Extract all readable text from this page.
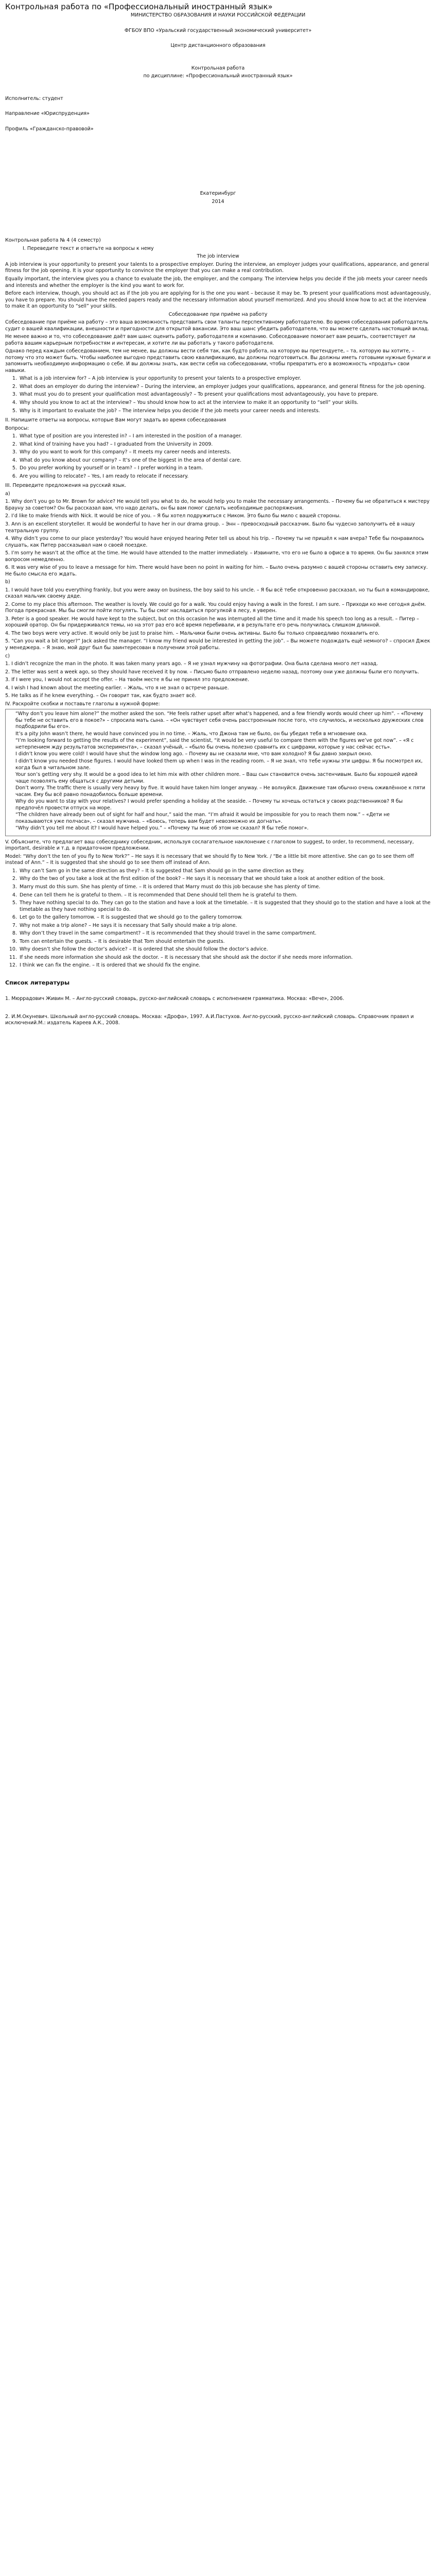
Контрольная работа по «Профессиональный иностранный язык»

МИНИСТЕРСТВО ОБРАЗОВАНИЯ И НАУКИ РОССИЙСКОЙ ФЕДЕРАЦИИ

ФГБОУ ВПО «Уральский государственный экономический университет»

Центр дистанционного образования

Контрольная работа

по дисциплине: «Профессиональный иностранный язык»

Исполнитель: студент

Направление «Юриспруденция»

Профиль «Гражданско-правовой»

Екатеринбург

2014

Контрольная работа № 4 (4 семестр)

I. Переведите текст и ответьте на вопросы к нему

The job interview

A job interview is your opportunity to present your talents to a prospective employer. During the interview, an employer judges your qualifications, appearance, and general fitness for the job opening. It is your opportunity to convince the employer that you can make a real contribution.

Equally important, the interview gives you a chance to evaluate the job, the employer, and the company. The interview helps you decide if the job meets your career needs and interests and whether the employer is the kind you want to work for.

Before each interview, though, you should act as if the job you are applying for is the one you want – because it may be. To present your qualifications most advantageously, you have to prepare. You should have the needed papers ready and the necessary information about yourself memorized. And you should know how to act at the interview to make it an opportunity to “sell” your skills.

Собеседование при приёме на работу

Собеседование при приёме на работу – это ваша возможность представить свои таланты перспективному работодателю. Во время собеседования работодатель судит о вашей квалификации, внешности и пригодности для открытой вакансии. Это ваш шанс убедить работодателя, что вы можете сделать настоящий вклад.

Не менее важно и то, что собеседование даёт вам шанс оценить работу, работодателя и компанию. Собеседование помогает вам решить, соответствует ли работа вашим карьерным потребностям и интересам, и хотите ли вы работать у такого работодателя.

Однако перед каждым собеседованием, тем не менее, вы должны вести себя так, как будто работа, на которую вы претендуете, – та, которую вы хотите, – потому что это может быть. Чтобы наиболее выгодно представить свою квалификацию, вы должны подготовиться. Вы должны иметь готовыми нужные бумаги и запомнить необходимую информацию о себе. И вы должны знать, как вести себя на собеседовании, чтобы превратить его в возможность «продать» свои навыки.

1. What is a job interview for? – A job interview is your opportunity to present your talents to a prospective employer.
2. What does an employer do during the interview? – During the interview, an employer judges your qualifications, appearance, and general fitness for the job opening.
3. What must you do to present your qualification most advantageously? – To present your qualifications most advantageously, you have to prepare.
4. Why should you know to act at the interview? – You should know how to act at the interview to make it an opportunity to “sell” your skills.
5. Why is it important to evaluate the job? – The interview helps you decide if the job meets your career needs and interests.

II. Напишите ответы на вопросы, которые Вам могут задать во время собеседования

Вопросы:

1. What type of position are you interested in? – I am interested in the position of a manager.
2. What kind of training have you had? – I graduated from the University in 2009.
3. Why do you want to work for this company? – It meets my career needs and interests.
4. What do you know about our company? – It’s one of the biggest in the area of dental care.
5. Do you prefer working by yourself or in team? – I prefer working in a team.
6. Are you willing to relocate? – Yes, I am ready to relocate if necessary.

III. Переведите предложения на русский язык.

a)

1. Why don’t you go to Mr. Brown for advice? He would tell you what to do, he would help you to make the necessary arrangements. – Почему бы не обратиться к мистеру Брауну за советом? Он бы рассказал вам, что надо делать, он бы вам помог сделать необходимые распоряжения.

2. I’d like to make friends with Nick. It would be nice of you. – Я бы хотел подружиться с Ником. Это было бы мило с вашей стороны.

3. Ann is an excellent storyteller. It would be wonderful to have her in our drama group. – Энн – превосходный рассказчик. Было бы чудесно заполучить её в нашу театральную группу.

4. Why didn’t you come to our place yesterday? You would have enjoyed hearing Peter tell us about his trip. – Почему ты не пришёл к нам вчера? Тебе бы понравилось слушать, как Питер рассказывал нам о своей поездке.

5. I’m sorry he wasn’t at the office at the time. He would have attended to the matter immediately. – Извините, что его не было в офисе в то время. Он бы занялся этим вопросом немедленно.

6. It was very wise of you to leave a message for him. There would have been no point in waiting for him. – Было очень разумно с вашей стороны оставить ему записку. Не было смысла его ждать.

b)

1. I would have told you everything frankly, but you were away on business, the boy said to his uncle. – Я бы всё тебе откровенно рассказал, но ты был в командировке, сказал мальчик своему дяде.

2. Come to my place this afternoon. The weather is lovely. We could go for a walk. You could enjoy having a walk in the forest. I am sure. – Приходи ко мне сегодня днём. Погода прекрасная. Мы бы смогли пойти погулять. Ты бы смог насладиться прогулкой в лесу, я уверен.

3. Peter is a good speaker. He would have kept to the subject, but on this occasion he was interrupted all the time and it made his speech too long as a result. – Питер – хороший оратор. Он бы придерживался темы, но на этот раз его всё время перебивали, и в результате его речь получилась слишком длинной.

4. The two boys were very active. It would only be just to praise him. – Мальчики были очень активны. Было бы только справедливо похвалить его.

5. “Can you wait a bit longer?” Jack asked the manager. “I know my friend would be interested in getting the job”. – Вы можете подождать ещё немного? – спросил Джек у менеджера. – Я знаю, мой друг был бы заинтересован в получении этой работы.

c)

1. I didn’t recognize the man in the photo. It was taken many years ago. – Я не узнал мужчину на фотографии. Она была сделана много лет назад.

2. The letter was sent a week ago, so they should have received it by now. – Письмо было отправлено неделю назад, поэтому они уже должны были его получить.

3. If I were you, I would not accept the offer. – На твоём месте я бы не принял это предложение.

4. I wish I had known about the meeting earlier. – Жаль, что я не знал о встрече раньше.

5. He talks as if he knew everything. – Он говорит так, как будто знает всё.

IV. Раскройте скобки и поставьте глаголы в нужной форме:

“Why don’t you leave him alone?” the mother asked the son. “He feels rather upset after what’s happened, and a few friendly words would cheer up him”. – «Почему бы тебе не оставить его в покое?» – спросила мать сына. – «Он чувствует себя очень расстроенным после того, что случилось, и несколько дружеских слов подбодрили бы его».
It’s a pity John wasn’t there, he would have convinced you in no time. – Жаль, что Джона там не было, он бы убедил тебя в мгновение ока.
“I’m looking forward to getting the results of the experiment”, said the scientist, “it would be very useful to compare them with the figures we’ve got now”. – «Я с нетерпением жду результатов эксперимента», – сказал учёный, – «было бы очень полезно сравнить их с цифрами, которые у нас сейчас есть».
I didn’t know you were cold! I would have shut the window long ago. – Почему вы не сказали мне, что вам холодно? Я бы давно закрыл окно.
I didn’t know you needed those figures. I would have looked them up when I was in the reading room. – Я не знал, что тебе нужны эти цифры. Я бы посмотрел их, когда был в читальном зале.
Your son’s getting very shy. It would be a good idea to let him mix with other children more. – Ваш сын становится очень застенчивым. Было бы хорошей идеей чаще позволять ему общаться с другими детьми.
Don’t worry. The traffic there is usually very heavy by five. It would have taken him longer anyway. – Не волнуйся. Движение там обычно очень оживлённое к пяти часам. Ему бы всё равно понадобилось больше времени.
Why do you want to stay with your relatives? I would prefer spending a holiday at the seaside. – Почему ты хочешь остаться у своих родственников? Я бы предпочёл провести отпуск на море.
“The children have already been out of sight for half and hour,” said the man. “I’m afraid it would be impossible for you to reach them now.” – «Дети не показываются уже полчаса», – сказал мужчина. – «Боюсь, теперь вам будет невозможно их догнать».
“Why didn’t you tell me about it? I would have helped you.” – «Почему ты мне об этом не сказал? Я бы тебе помог».

V. Объясните, что предлагает ваш собеседнику собеседник, используя сослагательное наклонение с глаголом to suggest, to order, to recommend, necessary, important, desirable и т.д. в придаточном предложении.

Model: “Why don’t the ten of you fly to New York?” – He says it is necessary that we should fly to New York. / “Be a little bit more attentive. She can go to see them off instead of Ann.” – It is suggested that she should go to see them off instead of Ann.

1. Why can’t Sam go in the same direction as they? – It is suggested that Sam should go in the same direction as they.
2. Why do the two of you take a look at the first edition of the book? – He says it is necessary that we should take a look at another edition of the book.
3. Marry must do this sum. She has plenty of time. – It is ordered that Marry must do this job because she has plenty of time.
4. Dene can tell them he is grateful to them. – It is recommended that Dene should tell them he is grateful to them.
5. They have nothing special to do. They can go to the station and have a look at the timetable. – It is suggested that they should go to the station and have a look at the timetable as they have nothing special to do.
6. Let go to the gallery tomorrow. – It is suggested that we should go to the gallery tomorrow.
7. Why not make a trip alone? – He says it is necessary that Sally should make a trip alone.
8. Why don’t they travel in the same compartment? – It is recommended that they should travel in the same compartment.
9. Tom can entertain the guests. – It is desirable that Tom should entertain the guests.
10. Why doesn’t she follow the doctor’s advice? – It is ordered that she should follow the doctor’s advice.
11. If she needs more information she should ask the doctor. – It is necessary that she should ask the doctor if she needs more information.
12. I think we can fix the engine. – It is ordered that we should fix the engine.
Список литературы

1. Мюррадович Живин М. – Англо-русский словарь, русско-английский словарь с исполнением грамматика. Москва: «Вече», 2006.

2. И.М.Окуневич. Школьный англо-русский словарь. Москва: «Дрофа», 1997. А.И.Пастухов. Англо-русский, русско-английский словарь. Справочник правил и исключений.М.: издатель Кареев А.К., 2008.
